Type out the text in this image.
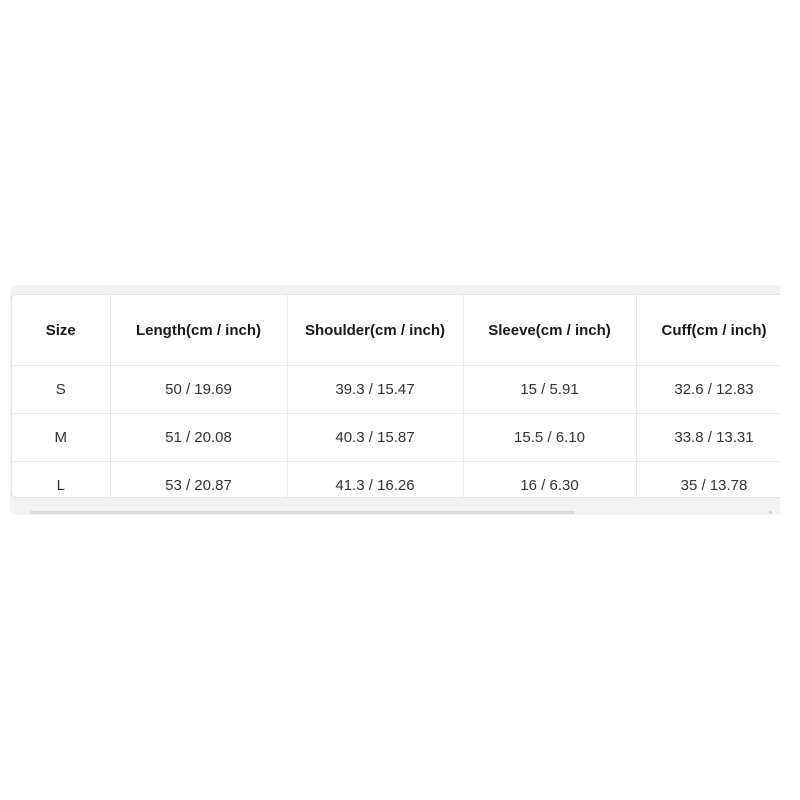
Size	Length(cm / inch)	Shoulder(cm / inch)	Sleeve(cm / inch)	Cuff(cm / inch)
S	50 / 19.69	39.3 / 15.47	15 / 5.91	32.6 / 12.83
M	51 / 20.08	40.3 / 15.87	15.5 / 6.10	33.8 / 13.31
L	53 / 20.87	41.3 / 16.26	16 / 6.30	35 / 13.78
